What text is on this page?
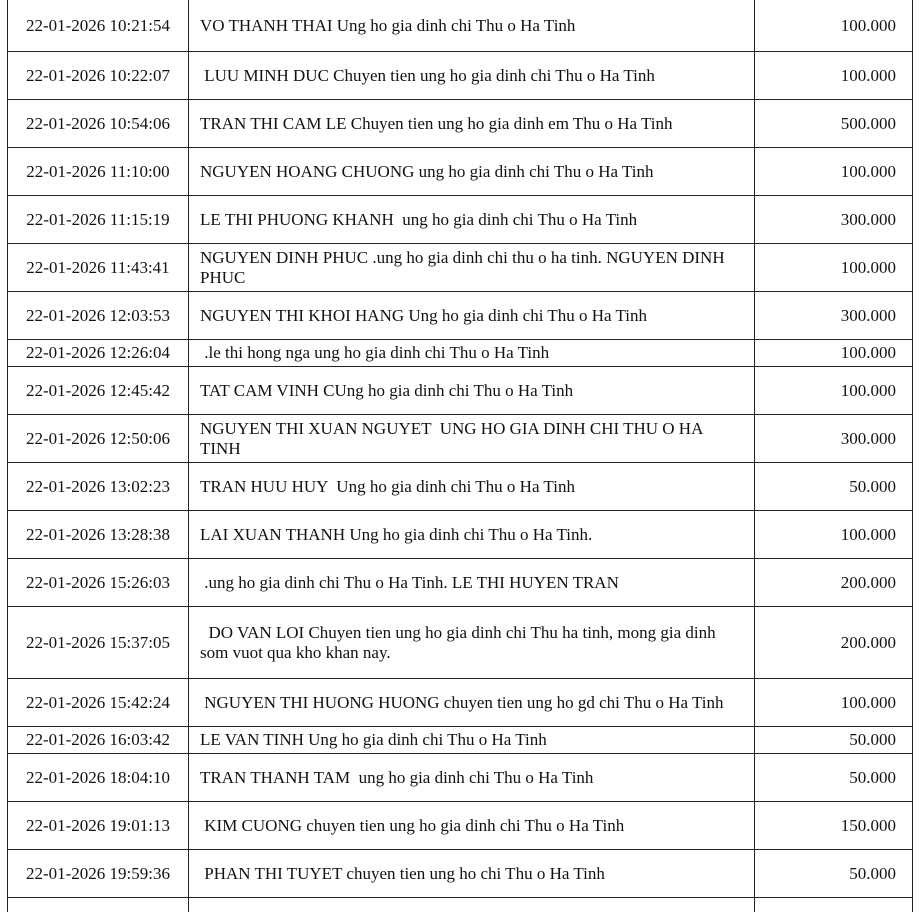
22-01-2026 10:21:54	VO THANH THAI Ung ho gia dinh chi Thu o Ha Tinh	100.000
22-01-2026 10:22:07	LUU MINH DUC Chuyen tien ung ho gia dinh chi Thu o Ha Tinh	100.000
22-01-2026 10:54:06	TRAN THI CAM LE Chuyen tien ung ho gia dinh em Thu o Ha Tinh	500.000
22-01-2026 11:10:00	NGUYEN HOANG CHUONG ung ho gia dinh chi Thu o Ha Tinh	100.000
22-01-2026 11:15:19	LE THI PHUONG KHANH  ung ho gia dinh chi Thu o Ha Tinh	300.000
22-01-2026 11:43:41	NGUYEN DINH PHUC .ung ho gia dinh chi thu o ha tinh. NGUYEN DINH PHUC	100.000
22-01-2026 12:03:53	NGUYEN THI KHOI HANG Ung ho gia dinh chi Thu o Ha Tinh	300.000
22-01-2026 12:26:04	.le thi hong nga ung ho gia dinh chi Thu o Ha Tinh	100.000
22-01-2026 12:45:42	TAT CAM VINH CUng ho gia dinh chi Thu o Ha Tinh	100.000
22-01-2026 12:50:06	NGUYEN THI XUAN NGUYET  UNG HO GIA DINH CHI THU O HA TINH	300.000
22-01-2026 13:02:23	TRAN HUU HUY  Ung ho gia dinh chi Thu o Ha Tinh	50.000
22-01-2026 13:28:38	LAI XUAN THANH Ung ho gia dinh chi Thu o Ha Tinh.	100.000
22-01-2026 15:26:03	.ung ho gia dinh chi Thu o Ha Tinh. LE THI HUYEN TRAN	200.000
22-01-2026 15:37:05	DO VAN LOI Chuyen tien ung ho gia dinh chi Thu ha tinh, mong gia dinh som vuot qua kho khan nay.	200.000
22-01-2026 15:42:24	NGUYEN THI HUONG HUONG chuyen tien ung ho gd chi Thu o Ha Tinh	100.000
22-01-2026 16:03:42	LE VAN TINH Ung ho gia dinh chi Thu o Ha Tinh	50.000
22-01-2026 18:04:10	TRAN THANH TAM  ung ho gia dinh chi Thu o Ha Tinh	50.000
22-01-2026 19:01:13	KIM CUONG chuyen tien ung ho gia dinh chi Thu o Ha Tinh	150.000
22-01-2026 19:59:36	PHAN THI TUYET chuyen tien ung ho chi Thu o Ha Tinh	50.000
